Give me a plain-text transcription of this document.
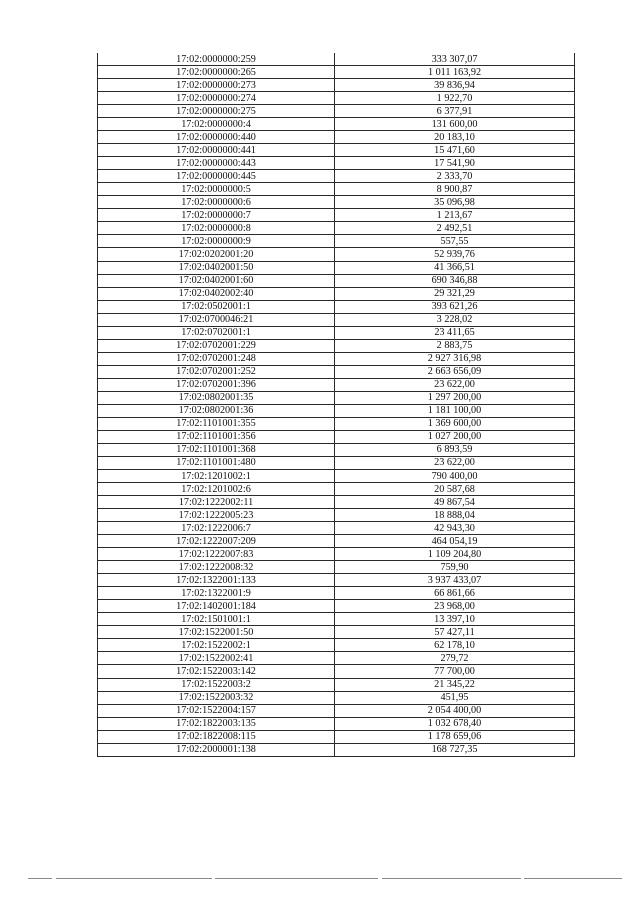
17:02:0000000:259	333 307,07
17:02:0000000:265	1 011 163,92
17:02:0000000:273	39 836,94
17:02:0000000:274	1 922,70
17:02:0000000:275	6 377,91
17:02:0000000:4	131 600,00
17:02:0000000:440	20 183,10
17:02:0000000:441	15 471,60
17:02:0000000:443	17 541,90
17:02:0000000:445	2 333,70
17:02:0000000:5	8 900,87
17:02:0000000:6	35 096,98
17:02:0000000:7	1 213,67
17:02:0000000:8	2 492,51
17:02:0000000:9	557,55
17:02:0202001:20	52 939,76
17:02:0402001:50	41 366,51
17:02:0402001:60	690 346,88
17:02:0402002:40	29 321,29
17:02:0502001:1	393 621,26
17:02:0700046:21	3 228,02
17:02:0702001:1	23 411,65
17:02:0702001:229	2 883,75
17:02:0702001:248	2 927 316,98
17:02:0702001:252	2 663 656,09
17:02:0702001:396	23 622,00
17:02:0802001:35	1 297 200,00
17:02:0802001:36	1 181 100,00
17:02:1101001:355	1 369 600,00
17:02:1101001:356	1 027 200,00
17:02:1101001:368	6 893,59
17:02:1101001:480	23 622,00
17:02:1201002:1	790 400,00
17:02:1201002:6	20 587,68
17:02:1222002:11	49 867,54
17:02:1222005:23	18 888,04
17:02:1222006:7	42 943,30
17:02:1222007:209	464 054,19
17:02:1222007:83	1 109 204,80
17:02:1222008:32	759,90
17:02:1322001:133	3 937 433,07
17:02:1322001:9	66 861,66
17:02:1402001:184	23 968,00
17:02:1501001:1	13 397,10
17:02:1522001:50	57 427,11
17:02:1522002:1	62 178,10
17:02:1522002:41	279,72
17:02:1522003:142	77 700,00
17:02:1522003:2	21 345,22
17:02:1522003:32	451,95
17:02:1522004:157	2 054 400,00
17:02:1822003:135	1 032 678,40
17:02:1822008:115	1 178 659,06
17:02:2000001:138	168 727,35
